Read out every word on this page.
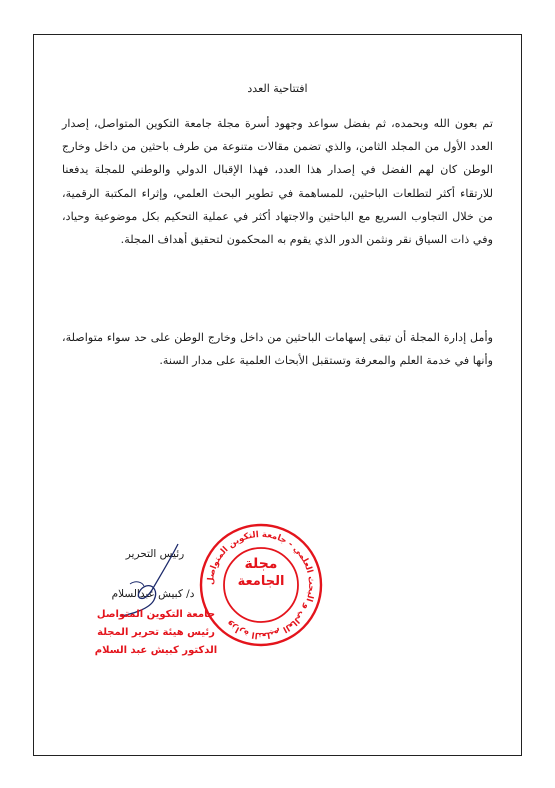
افتتاحية العدد
تم بعون الله وبحمده، ثم بفضل سواعد وجهود أسرة مجلة جامعة التكوين المتواصل، إصدار العدد الأول من المجلد الثامن، والذي تضمن مقالات متنوعة من طرف باحثين من داخل وخارج الوطن كان لهم الفضل في إصدار هذا العدد، فهذا الإقبال الدولي والوطني للمجلة يدفعنا للارتقاء أكثر لتطلعات الباحثين، للمساهمة في تطوير البحث العلمي، وإثراء المكتبة الرقمية، من خلال التجاوب السريع مع الباحثين والاجتهاد أكثر في عملية التحكيم بكل موضوعية وحياد، وفي ذات السياق نقر ونثمن الدور الذي يقوم به المحكمون لتحقيق أهداف المجلة.
وأمل إدارة المجلة أن تبقى إسهامات الباحثين من داخل وخارج الوطن على حد سواء متواصلة، وأنها في خدمة العلم والمعرفة وتستقبل الأبحاث العلمية على مدار السنة.
رئيس التحرير
د/ كبيش عبدالسلام
جامعة التكوين المتواصل
رئيس هيئة تحرير المجلة
الدكتور كبيش عبد السلام
وزارة التعليم العالي و البحث العلمي - جامعة التكوين المتواصل
مجلة
الجامعة
